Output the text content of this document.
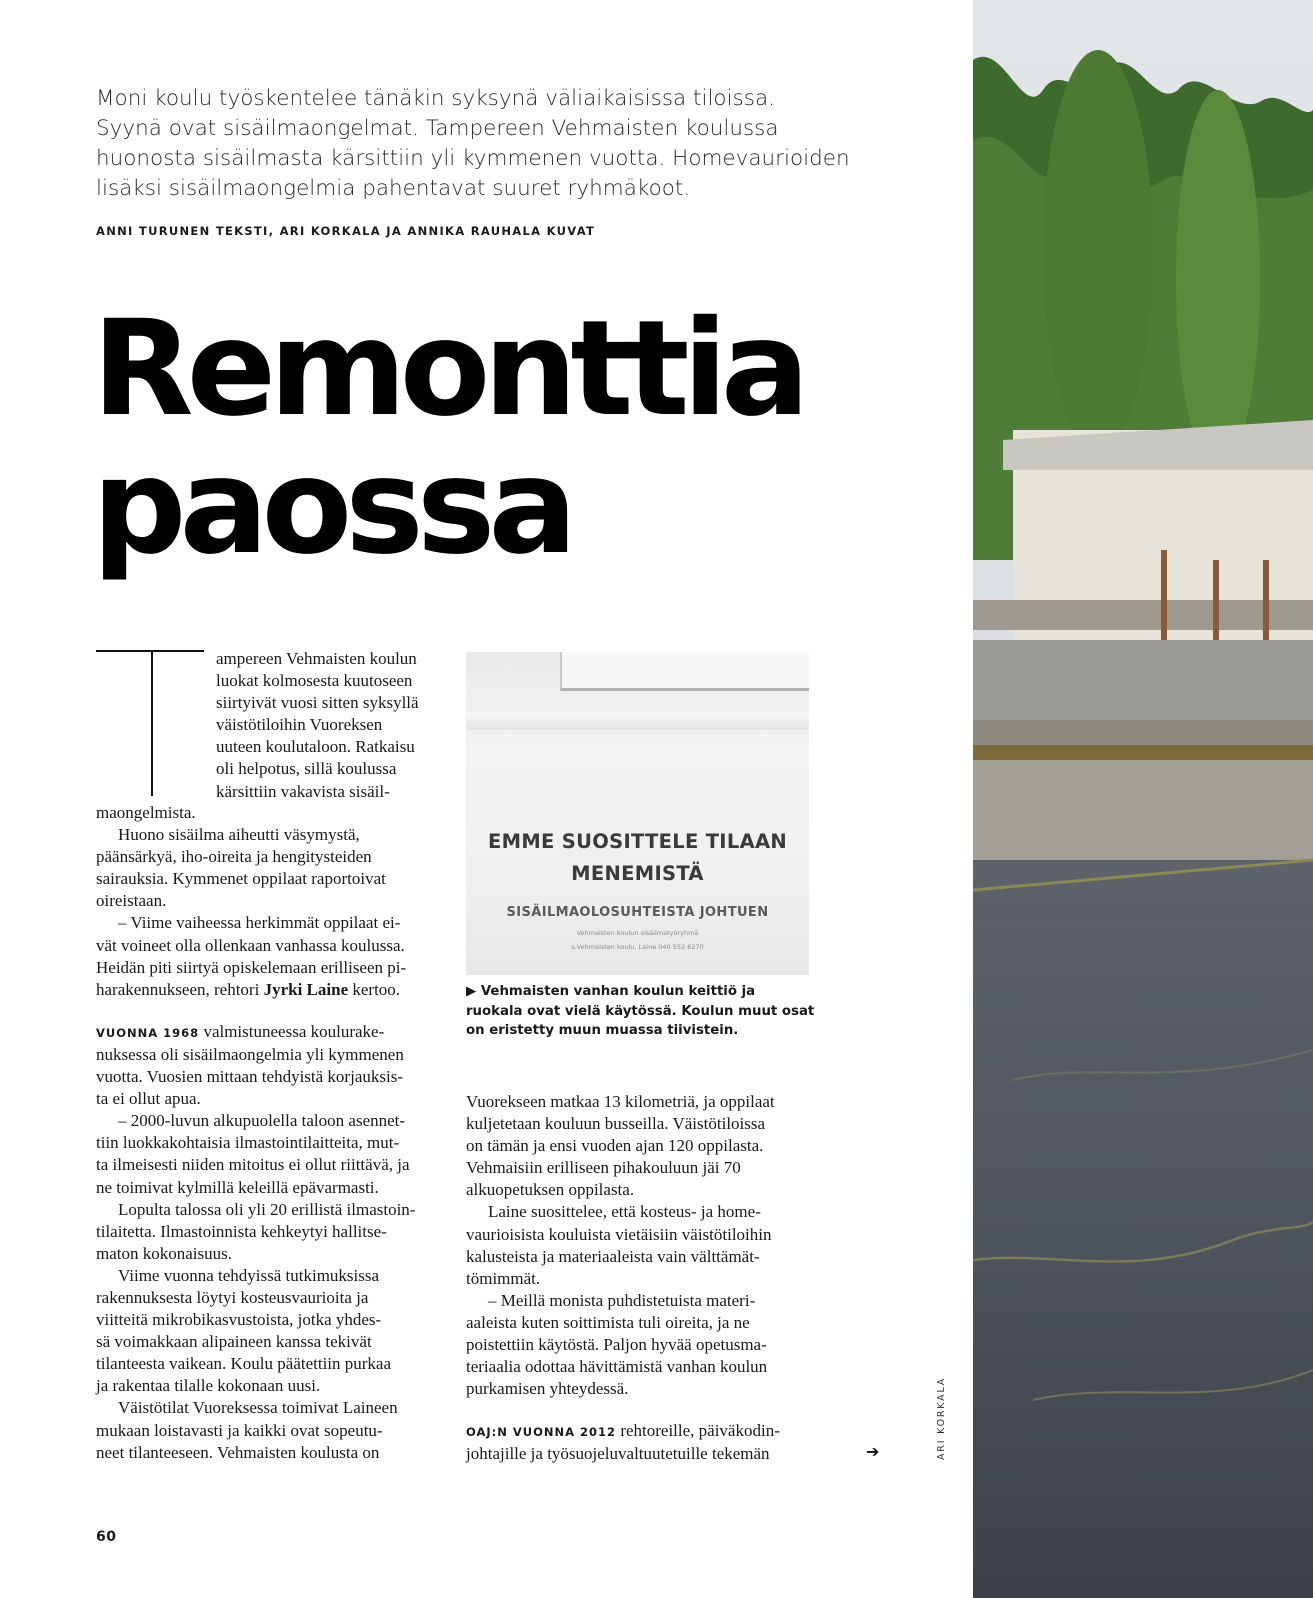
Moni koulu työskentelee tänäkin syksynä väliaikaisissa tiloissa.
Syynä ovat sisäilmaongelmat. Tampereen Vehmaisten koulussa
huonosta sisäilmasta kärsittiin yli kymmenen vuotta. Homevaurioiden
lisäksi sisäilmaongelmia pahentavat suuret ryhmäkoot.
ANNI TURUNEN TEKSTI, ARI KORKALA JA ANNIKA RAUHALA KUVAT
Remonttia
paossa
ampereen Vehmaisten koulun
luokat kolmosesta kuutoseen
siirtyivät vuosi sitten syksyllä
väistötiloihin Vuoreksen
uuteen koulutaloon. Ratkaisu
oli helpotus, sillä koulussa
kärsittiin vakavista sisäil-
maongelmista.
Huono sisäilma aiheutti väsymystä,
päänsärkyä, iho-oireita ja hengitysteiden
sairauksia. Kymmenet oppilaat raportoivat
oireistaan.
– Viime vaiheessa herkimmät oppilaat ei-
vät voineet olla ollenkaan vanhassa koulussa.
Heidän piti siirtyä opiskelemaan erilliseen pi-
harakennukseen, rehtori Jyrki Laine kertoo.
VUONNA 1968 valmistuneessa koulurake-
nuksessa oli sisäilmaongelmia yli kymmenen
vuotta. Vuosien mittaan tehdyistä korjauksis-
ta ei ollut apua.
– 2000-luvun alkupuolella taloon asennet-
tiin luokkakohtaisia ilmastointilaitteita, mut-
ta ilmeisesti niiden mitoitus ei ollut riittävä, ja
ne toimivat kylmillä keleillä epävarmasti.
Lopulta talossa oli yli 20 erillistä ilmastoin-
tilaitetta. Ilmastoinnista kehkeytyi hallitse-
maton kokonaisuus.
Viime vuonna tehdyissä tutkimuksissa
rakennuksesta löytyi kosteusvaurioita ja
viitteitä mikrobikasvustoista, jotka yhdes-
sä voimakkaan alipaineen kanssa tekivät
tilanteesta vaikean. Koulu päätettiin purkaa
ja rakentaa tilalle kokonaan uusi.
Väistötilat Vuoreksessa toimivat Laineen
mukaan loistavasti ja kaikki ovat sopeutu-
neet tilanteeseen. Vehmaisten koulusta on
EMME SUOSITTELE TILAAN
MENEMISTÄ
SISÄILMAOLOSUHTEISTA JOHTUEN
Vehmaisten koulun sisäilmatyöryhmä
s.Vehmaisten koulu, Laine 040 552 6270
▶ Vehmaisten vanhan koulun keittiö ja
ruokala ovat vielä käytössä. Koulun muut osat
on eristetty muun muassa tiivistein.
Vuorekseen matkaa 13 kilometriä, ja oppilaat
kuljetetaan kouluun busseilla. Väistötiloissa
on tämän ja ensi vuoden ajan 120 oppilasta.
Vehmaisiin erilliseen pihakouluun jäi 70
alkuopetuksen oppilasta.
Laine suosittelee, että kosteus- ja home-
vaurioisista kouluista vietäisiin väistötiloihin
kalusteista ja materiaaleista vain välttämät-
tömimmät.
– Meillä monista puhdistetuista materi-
aaleista kuten soittimista tuli oireita, ja ne
poistettiin käytöstä. Paljon hyvää opetusma-
teriaalia odottaa hävittämistä vanhan koulun
purkamisen yhteydessä.
OAJ:N VUONNA 2012 rehtoreille, päiväkodin-
johtajille ja työsuojeluvaltuutetuille tekemän	➔
60
ARI KORKALA
